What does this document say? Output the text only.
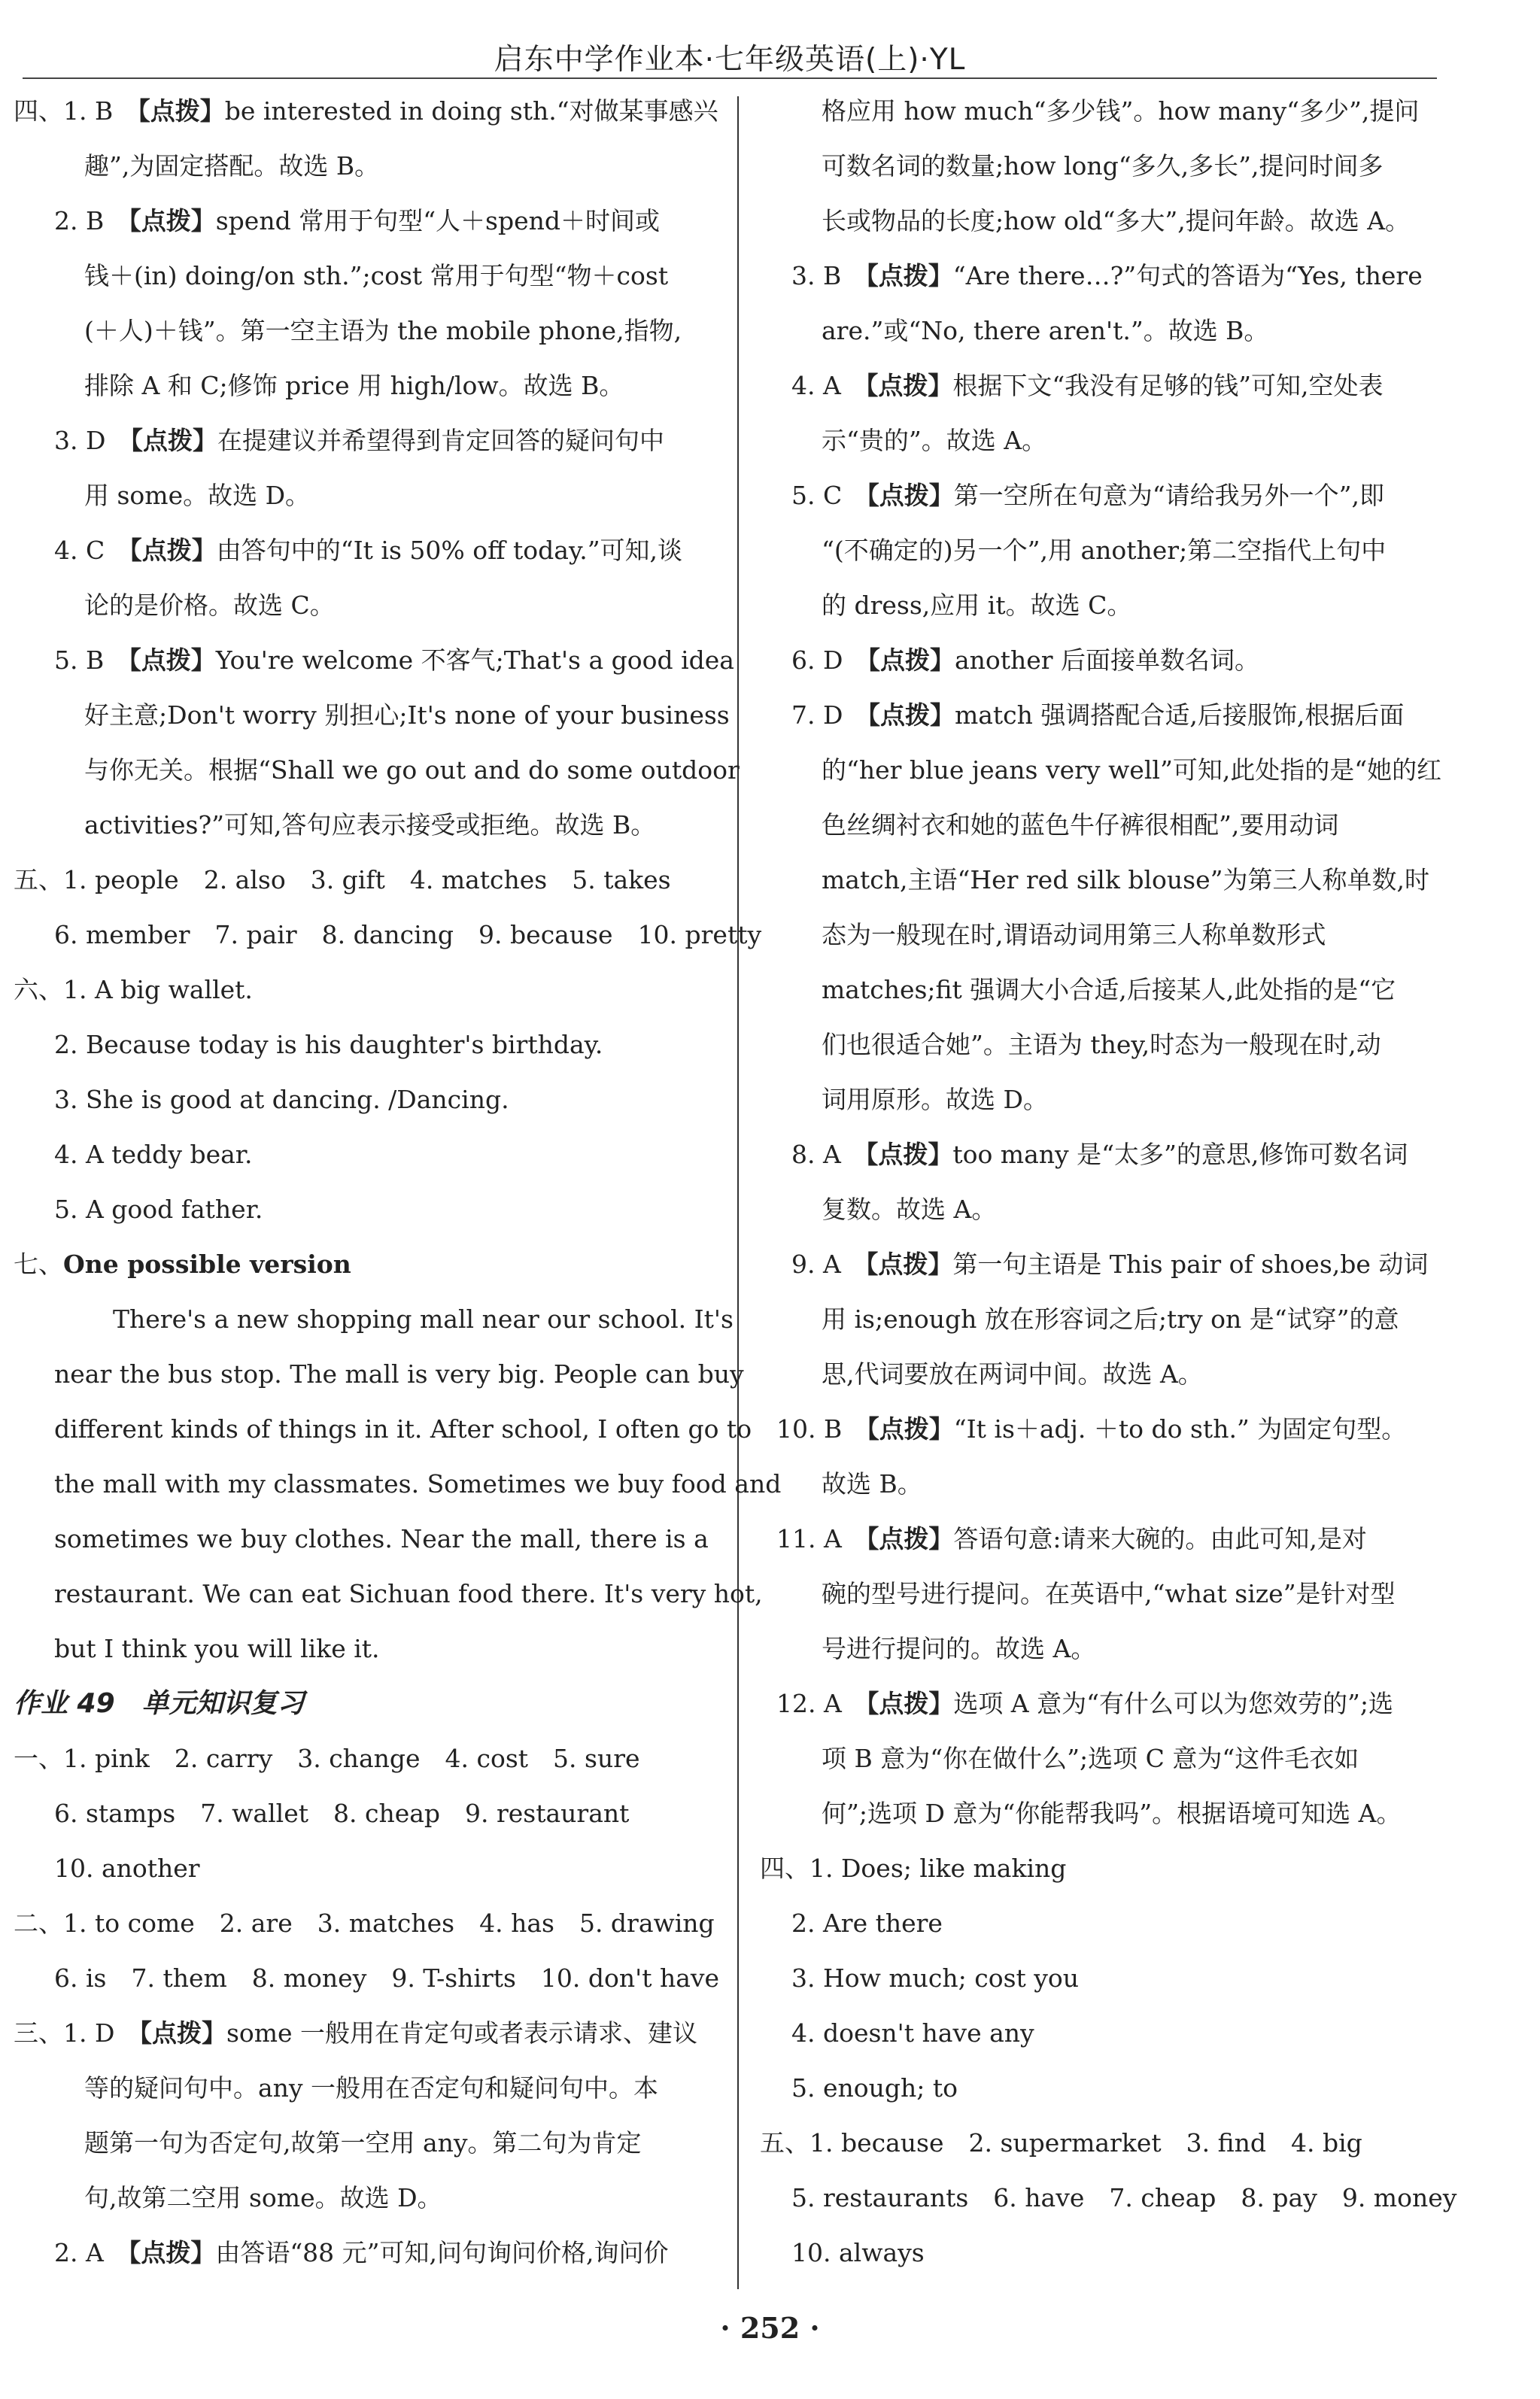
启东中学作业本·七年级英语(上)·YL

四、1. B　 【点拨】be interested in doing sth.“对做某事感兴

趣”,为固定搭配。故选 B。

2. B　 【点拨】spend 常用于句型“人＋spend＋时间或

钱＋(in) doing/on sth.”;cost 常用于句型“物＋cost

(＋人)＋钱”。第一空主语为 the mobile phone,指物,

排除 A 和 C;修饰 price 用 high/low。故选 B。

3. D　 【点拨】在提建议并希望得到肯定回答的疑问句中

用 some。故选 D。

4. C　 【点拨】由答句中的“It is 50% off today.”可知,谈

论的是价格。故选 C。

5. B　 【点拨】You're welcome 不客气;That's a good idea

好主意;Don't worry 别担心;It's none of your business

与你无关。根据“Shall we go out and do some outdoor

activities?”可知,答句应表示接受或拒绝。故选 B。

五、1. people　2. also　3. gift　4. matches　5. takes

6. member　7. pair　8. dancing　9. because　10. pretty

六、1. A big wallet.

2. Because today is his daughter's birthday.

3. She is good at dancing. /Dancing.

4. A teddy bear.

5. A good father.

七、One possible version

There's a new shopping mall near our school. It's

near the bus stop. The mall is very big. People can buy

different kinds of things in it. After school, I often go to

the mall with my classmates. Sometimes we buy food and

sometimes we buy clothes. Near the mall, there is a

restaurant. We can eat Sichuan food there. It's very hot,

but I think you will like it.

作业 49　单元知识复习

一、1. pink　2. carry　3. change　4. cost　5. sure

6. stamps　7. wallet　8. cheap　9. restaurant

10. another

二、1. to come　2. are　3. matches　4. has　5. drawing

6. is　7. them　8. money　9. T-shirts　10. don't have

三、1. D　 【点拨】some 一般用在肯定句或者表示请求、建议

等的疑问句中。any 一般用在否定句和疑问句中。本

题第一句为否定句,故第一空用 any。第二句为肯定

句,故第二空用 some。故选 D。

2. A　 【点拨】由答语“88 元”可知,问句询问价格,询问价

格应用 how much“多少钱”。how many“多少”,提问

可数名词的数量;how long“多久,多长”,提问时间多

长或物品的长度;how old“多大”,提问年龄。故选 A。

3. B　 【点拨】“Are there…?”句式的答语为“Yes, there

are.”或“No, there aren't.”。故选 B。

4. A　 【点拨】根据下文“我没有足够的钱”可知,空处表

示“贵的”。故选 A。

5. C　 【点拨】第一空所在句意为“请给我另外一个”,即

“(不确定的)另一个”,用 another;第二空指代上句中

的 dress,应用 it。故选 C。

6. D　 【点拨】another 后面接单数名词。

7. D　 【点拨】match 强调搭配合适,后接服饰,根据后面

的“her blue jeans very well”可知,此处指的是“她的红

色丝绸衬衣和她的蓝色牛仔裤很相配”,要用动词

match,主语“Her red silk blouse”为第三人称单数,时

态为一般现在时,谓语动词用第三人称单数形式

matches;fit 强调大小合适,后接某人,此处指的是“它

们也很适合她”。主语为 they,时态为一般现在时,动

词用原形。故选 D。

8. A　 【点拨】too many 是“太多”的意思,修饰可数名词

复数。故选 A。

9. A　 【点拨】第一句主语是 This pair of shoes,be 动词

用 is;enough 放在形容词之后;try on 是“试穿”的意

思,代词要放在两词中间。故选 A。

10. B　 【点拨】“It is＋adj. ＋to do sth.” 为固定句型。

故选 B。

11. A　 【点拨】答语句意:请来大碗的。由此可知,是对

碗的型号进行提问。在英语中,“what size”是针对型

号进行提问的。故选 A。

12. A　 【点拨】选项 A 意为“有什么可以为您效劳的”;选

项 B 意为“你在做什么”;选项 C 意为“这件毛衣如

何”;选项 D 意为“你能帮我吗”。根据语境可知选 A。

四、1. Does; like making

2. Are there

3. How much; cost you

4. doesn't have any

5. enough; to

五、1. because　2. supermarket　3. find　4. big

5. restaurants　6. have　7. cheap　8. pay　9. money

10. always

· 252 ·
